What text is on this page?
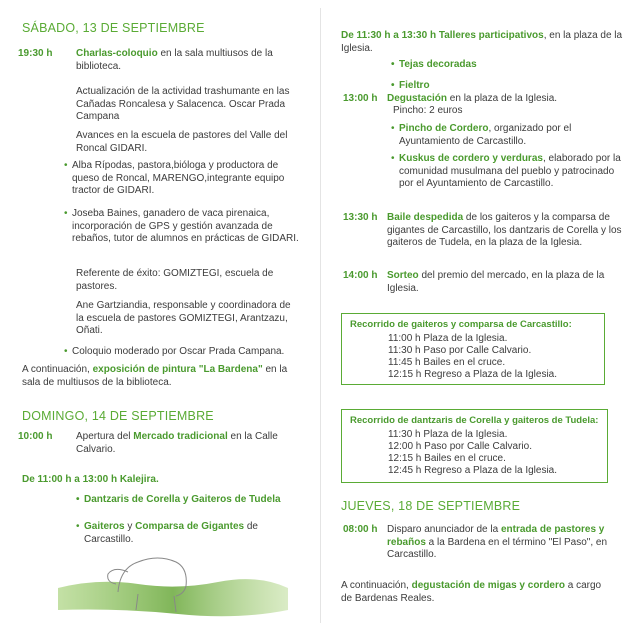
SÁBADO, 13 DE SEPTIEMBRE
19:30 h Charlas-coloquio en la sala multiusos de la biblioteca.
Actualización de la actividad trashumante en las Cañadas Roncalesa y Salacenca. Oscar Prada Campana
Avances en la escuela de pastores del Valle del Roncal GIDARI.
• Alba Rípodas, pastora,bióloga y productora de queso de Roncal, MARENGO,integrante equipo tractor de GIDARI.
• Joseba Baines, ganadero de vaca pirenaica, incorporación de GPS y gestión avanzada de rebaños, tutor de alumnos en prácticas de GIDARI.
Referente de éxito: GOMIZTEGI, escuela de pastores.
Ane Gartziandia, responsable y coordinadora de la escuela de pastores GOMIZTEGI, Arantzazu, Oñati.
• Coloquio moderado por Oscar Prada Campana.
A continuación, exposición de pintura "La Bardena" en la sala de multiusos de la biblioteca.
DOMINGO, 14 DE SEPTIEMBRE
10:00 h Apertura del Mercado tradicional en la Calle Calvario.
De 11:00 h a 13:00 h Kalejira.
• Dantzaris de Corella y Gaiteros de Tudela
• Gaiteros y Comparsa de Gigantes de Carcastillo.
De 11:30 h a 13:30 h Talleres participativos, en la plaza de la Iglesia.
• Tejas decoradas
• Fieltro
13:00 h Degustación en la plaza de la Iglesia.
Pincho: 2 euros
• Pincho de Cordero, organizado por el Ayuntamiento de Carcastillo.
• Kuskus de cordero y verduras, elaborado por la comunidad musulmana del pueblo y patrocinado por el Ayuntamiento de Carcastillo.
13:30 h Baile despedida de los gaiteros y la comparsa de gigantes de Carcastillo, los dantzaris de Corella y los gaiteros de Tudela, en la plaza de la Iglesia.
14:00 h Sorteo del premio del mercado, en la plaza de la Iglesia.
Recorrido de gaiteros y comparsa de Carcastillo:
11:00 h Plaza de la Iglesia.
11:30 h Paso por Calle Calvario.
11:45 h Bailes en el cruce.
12:15 h Regreso a Plaza de la Iglesia.
Recorrido de dantzaris de Corella y gaiteros de Tudela:
11:30 h Plaza de la Iglesia.
12:00 h Paso por Calle Calvario.
12:15 h Bailes en el cruce.
12:45 h Regreso a Plaza de la Iglesia.
JUEVES, 18 DE SEPTIEMBRE
08:00 h Disparo anunciador de la entrada de pastores y rebaños a la Bardena en el término "El Paso", en Carcastillo.
A continuación, degustación de migas y cordero a cargo de Bardenas Reales.
